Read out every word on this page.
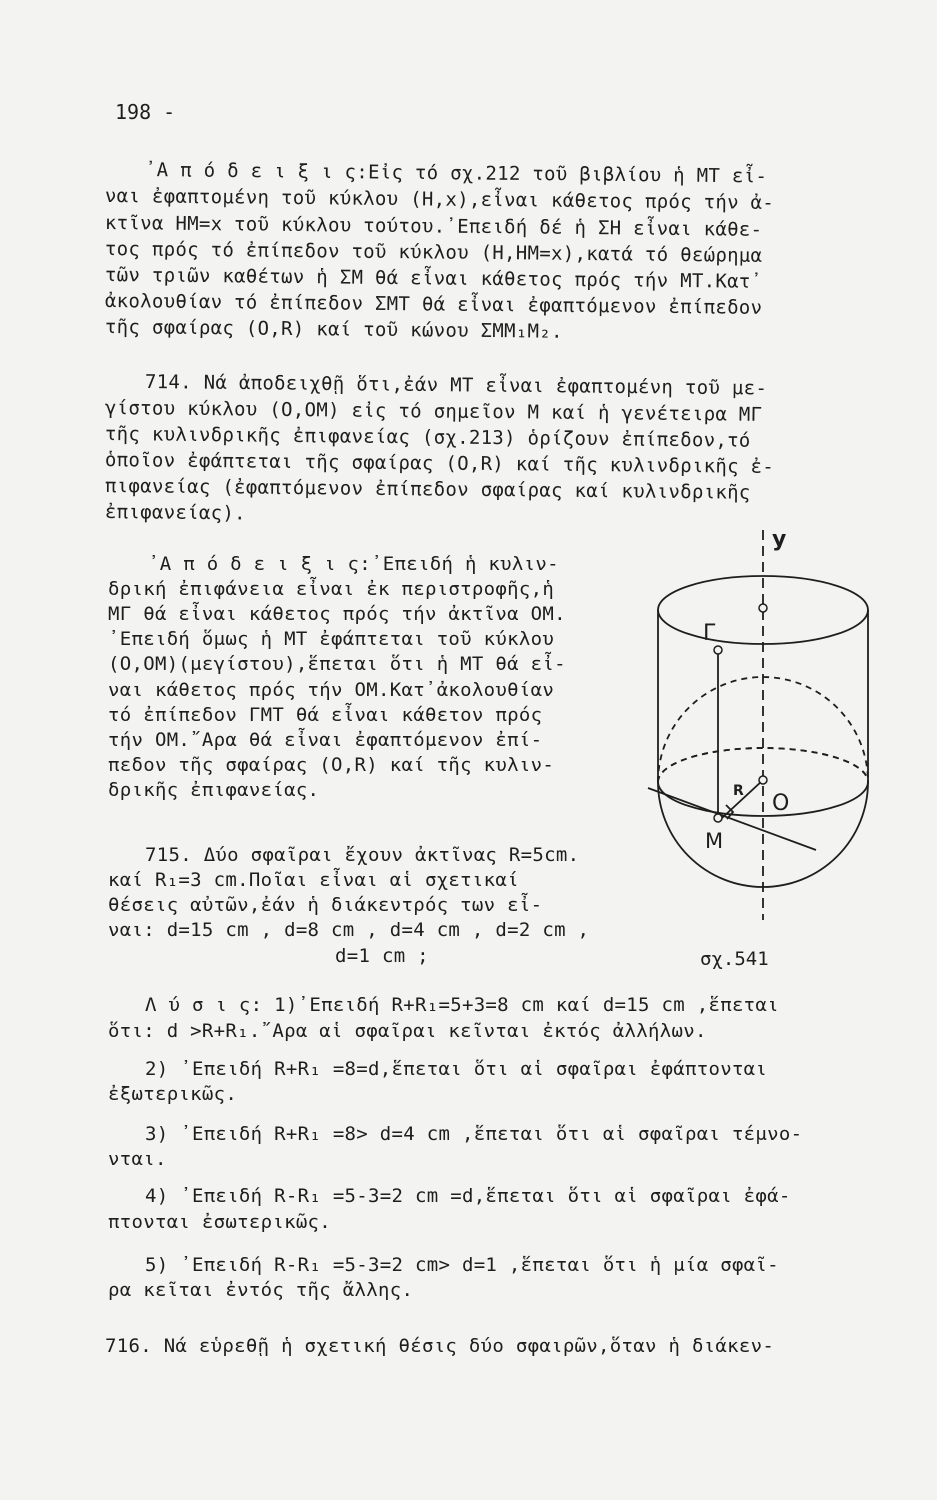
198 -
᾽Α π ό δ ε ι ξ ι ς:Εἰς τό σχ.212 τοῦ βιβλίου ἡ ΜΤ εἶ-
ναι ἐφαπτομένη τοῦ κύκλου (Η,x),εἶναι κάθετος πρός τήν ἀ-
κτῖνα ΗΜ=x τοῦ κύκλου τούτου.᾽Επειδή δέ ἡ ΣΗ εἶναι κάθε-
τος πρός τό ἐπίπεδον τοῦ κύκλου (Η,ΗΜ=x),κατά τό θεώρημα
τῶν τριῶν καθέτων ἡ ΣΜ θά εἶναι κάθετος πρός τήν ΜΤ.Κατ᾽
ἀκολουθίαν τό ἐπίπεδον ΣΜΤ θά εἶναι ἐφαπτόμενον ἐπίπεδον
τῆς σφαίρας (Ο,R) καί τοῦ κώνου ΣΜΜ₁Μ₂.
714. Νά ἀποδειχθῇ ὅτι,ἐάν ΜΤ εἶναι ἐφαπτομένη τοῦ με-
γίστου κύκλου (Ο,ΟΜ) εἰς τό σημεῖον Μ καί ἡ γενέτειρα ΜΓ
τῆς κυλινδρικῆς ἐπιφανείας (σχ.213) ὁρίζουν ἐπίπεδον,τό
ὁποῖον ἐφάπτεται τῆς σφαίρας (Ο,R) καί τῆς κυλινδρικῆς ἐ-
πιφανείας (ἐφαπτόμενον ἐπίπεδον σφαίρας καί κυλινδρικῆς
ἐπιφανείας).
᾽Α π ό δ ε ι ξ ι ς:᾽Επειδή ἡ κυλιν-
δρική ἐπιφάνεια εἶναι ἐκ περιστροφῆς,ἡ
ΜΓ θά εἶναι κάθετος πρός τήν ἀκτῖνα ΟΜ.
᾽Επειδή ὅμως ἡ ΜΤ ἐφάπτεται τοῦ κύκλου
(Ο,ΟΜ)(μεγίστου),ἕπεται ὅτι ἡ ΜΤ θά εἶ-
ναι κάθετος πρός τήν ΟΜ.Κατ᾽ἀκολουθίαν
τό ἐπίπεδον ΓΜΤ θά εἶναι κάθετον πρός
τήν ΟΜ.῎Αρα θά εἶναι ἐφαπτόμενον ἐπί-
πεδον τῆς σφαίρας (Ο,R) καί τῆς κυλιν-
δρικῆς ἐπιφανείας.
715. Δύο σφαῖραι ἔχουν ἀκτῖνας R=5cm.
καί R₁=3 cm.Ποῖαι εἶναι αἱ σχετικαί
θέσεις αὐτῶν,ἐάν ἡ διάκεντρός των εἶ-
ναι: d=15 cm , d=8 cm , d=4 cm , d=2 cm ,
d=1 cm ;
y
Γ
O
R
M
σχ.541
Λ ύ σ ι ς: 1)᾽Επειδή R+R₁=5+3=8 cm καί d=15 cm ,ἕπεται
ὅτι: d >R+R₁.῎Αρα αἱ σφαῖραι κεῖνται ἐκτός ἀλλήλων.
2) ᾽Επειδή R+R₁ =8=d,ἕπεται ὅτι αἱ σφαῖραι ἐφάπτονται
ἐξωτερικῶς.
3) ᾽Επειδή R+R₁ =8> d=4 cm ,ἕπεται ὅτι αἱ σφαῖραι τέμνο-
νται.
4) ᾽Επειδή R-R₁ =5-3=2 cm =d,ἕπεται ὅτι αἱ σφαῖραι ἐφά-
πτονται ἐσωτερικῶς.
5) ᾽Επειδή R-R₁ =5-3=2 cm> d=1 ,ἕπεται ὅτι ἡ μία σφαῖ-
ρα κεῖται ἐντός τῆς ἄλλης.
716. Νά εὑρεθῇ ἡ σχετική θέσις δύο σφαιρῶν,ὅταν ἡ διάκεν-
